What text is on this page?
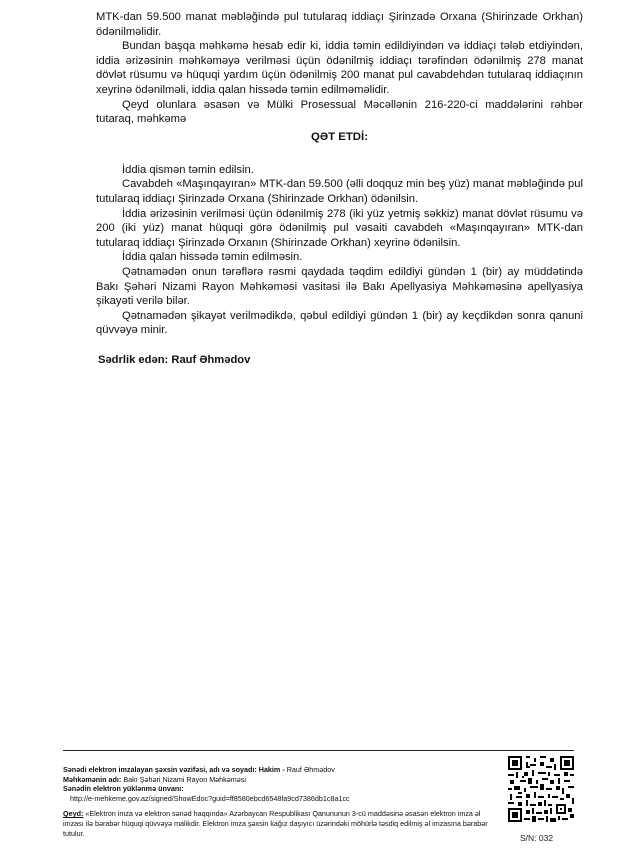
MTK-dan 59.500 manat məbləğində pul tutularaq iddiaçı Şirinzadə Orxana (Shirinzade Orkhan) ödənilməlidir.

Bundan başqa məhkəmə hesab edir ki, iddia təmin edildiyindən və iddiaçı tələb etdiyindən, iddia ərizəsinin məhkəməyə verilməsi üçün ödənilmiş iddiaçı tərəfindən ödənilmiş 278 manat dövlət rüsumu və hüquqi yardım üçün ödənilmiş 200 manat pul cavabdehdən tutularaq iddiaçının xeyrinə ödənilməli, iddia qalan hissədə təmin edilməməlidir.

Qeyd olunlara əsasən və Mülki Prosessual Məcəllənin 216-220-ci maddələrini rəhbər tutaraq, məhkəmə

QƏT ETDİ:

İddia qismən təmin edilsin.

Cavabdeh «Maşınqayıran» MTK-dan 59.500 (əlli doqquz min beş yüz) manat məbləğində pul tutularaq iddiaçı Şirinzadə Orxana (Shirinzade Orkhan) ödənilsin.

İddia ərizəsinin verilməsi üçün ödənilmiş 278 (iki yüz yetmiş səkkiz) manat dövlət rüsumu və 200 (iki yüz) manat hüquqi görə ödənilmiş pul vəsaiti cavabdeh «Maşınqayıran» MTK-dan tutularaq iddiaçı Şirinzadə Orxanın (Shirinzade Orkhan) xeyrinə ödənilsin.

İddia qalan hissədə təmin edilməsin.

Qətnamədən onun tərəflərə rəsmi qaydada təqdim edildiyi gündən 1 (bir) ay müddətində Bakı Şəhəri Nizami Rayon Məhkəməsi vasitəsi ilə Bakı Apellyasiya Məhkəməsinə apellyasiya şikayəti verilə bilər.

Qətnamədən şikayət verilmədikdə, qəbul edildiyi gündən 1 (bir) ay keçdikdən sonra qanuni qüvvəyə minir.

Sədrlik edən: Rauf Əhmədov

Sənədi elektron imzalayan şəxsin vəzifəsi, adı və soyadı: Hakim - Rauf Əhmədov
Məhkəmənin adı: Bakı Şəhəri Nizami Rayon Məhkəməsi
Sənədin elektron yüklənmə ünvanı:
http://e-mehkeme.gov.az/signed/ShowEdoc?guid=ff8580ebcd6548fa9cd7386db1c8a1cc
Qeyd: «Elektron imza və elektron sənəd haqqında» Azərbaycan Respublikası Qanununun 3-cü maddəsinə əsasən elektron imza əl imzası ilə bərabər hüquqi qüvvəyə malikdir. Elektron imza şəxsin kağız daşıyıcı üzərindəki möhürlə təsdiq edilmiş əl imzasına bərabər tutulur.	S/N: 032
